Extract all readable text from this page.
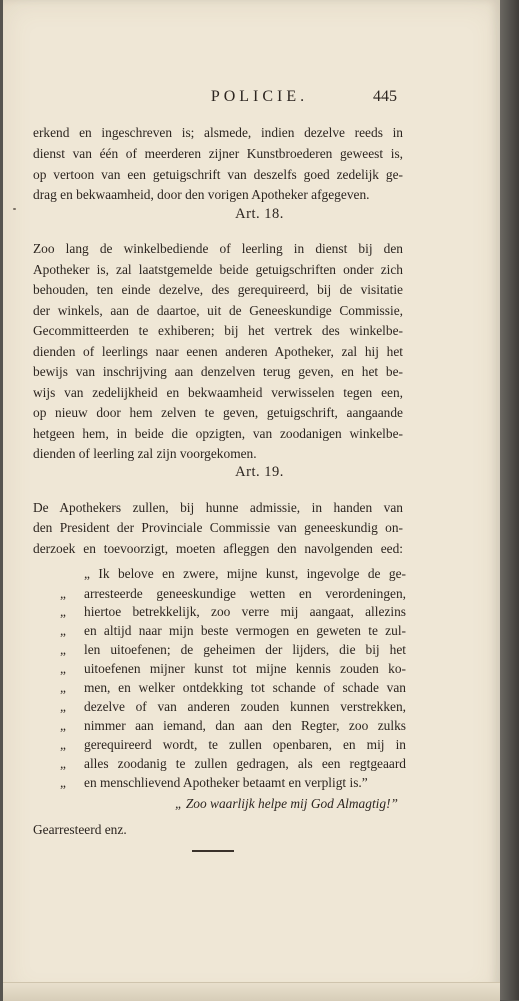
POLICIE.	445
erkend en ingeschreven is; alsmede, indien dezelve reeds in
dienst van één of meerderen zijner Kunstbroederen geweest is,
op vertoon van een getuigschrift van deszelfs goed zedelijk ge-
drag en bekwaamheid, door den vorigen Apotheker afgegeven.
Art. 18.
Zoo lang de winkelbediende of leerling in dienst bij den
Apotheker is, zal laatstgemelde beide getuigschriften onder zich
behouden, ten einde dezelve, des gerequireerd, bij de visitatie
der winkels, aan de daartoe, uit de Geneeskundige Commissie,
Gecommitteerden te exhiberen; bij het vertrek des winkelbe-
dienden of leerlings naar eenen anderen Apotheker, zal hij het
bewijs van inschrijving aan denzelven terug geven, en het be-
wijs van zedelijkheid en bekwaamheid verwisselen tegen een,
op nieuw door hem zelven te geven, getuigschrift, aangaande
hetgeen hem, in beide die opzigten, van zoodanigen winkelbe-
dienden of leerling zal zijn voorgekomen.
Art. 19.
De Apothekers zullen, bij hunne admissie, in handen van
den President der Provinciale Commissie van geneeskundig on-
derzoek en toevoorzigt, moeten afleggen den navolgenden eed:
„ Ik belove en zwere, mijne kunst, ingevolge de ge-
„ arresteerde geneeskundige wetten en verordeningen,
„ hiertoe betrekkelijk, zoo verre mij aangaat, allezins
„ en altijd naar mijn beste vermogen en geweten te zul-
„ len uitoefenen; de geheimen der lijders, die bij het
„ uitoefenen mijner kunst tot mijne kennis zouden ko-
„ men, en welker ontdekking tot schande of schade van
„ dezelve of van anderen zouden kunnen verstrekken,
„ nimmer aan iemand, dan aan den Regter, zoo zulks
„ gerequireerd wordt, te zullen openbaren, en mij in
„ alles zoodanig te zullen gedragen, als een regtgeaard
„ en menschlievend Apotheker betaamt en verpligt is.”
„ Zoo waarlijk helpe mij God Almagtig!”
Gearresteerd enz.
